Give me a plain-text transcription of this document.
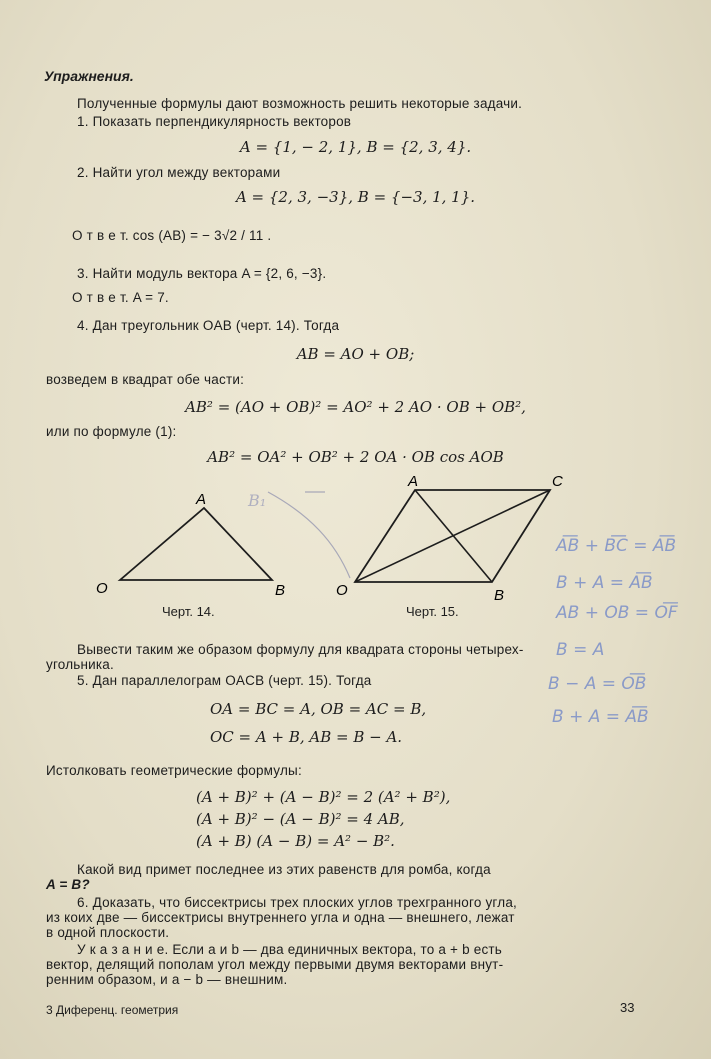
Упражнения.
Полученные формулы дают возможность решить некоторые задачи.
1. Показать перпендикулярность векторов
A = {1, − 2, 1}, B = {2, 3, 4}.
2. Найти угол между векторами
A = {2, 3, −3}, B = {−3, 1, 1}.
О т в е т. cos (AB) = − 3√2 / 11 .
3. Найти модуль вектора A = {2, 6, −3}.
О т в е т. A = 7.
4. Дан треугольник OAB (черт. 14). Тогда
AB = AO + OB;
возведем в квадрат обе части:
AB² = (AO + OB)² = AO² + 2 AO · OB + OB²,
или по формуле (1):
AB² = OA² + OB² + 2 OA · OB cos AOB
B₁
O
A
B	O
A	C
B
Черт. 14.	Черт. 15.
A͞B + B͞C = A͞B
B + A = A͞B
AB + OB = O͞F
B = A
B − A = O͞B
B + A = A͞B
Вывести таким же образом формулу для квадрата стороны четырех-
угольника.
5. Дан параллелограм OACB (черт. 15). Тогда
OA = BC = A, OB = AC = B,
OC = A + B, AB = B − A.
Истолковать геометрические формулы:
(A + B)² + (A − B)² = 2 (A² + B²),
(A + B)² − (A − B)² = 4 AB,
(A + B) (A − B) = A² − B².
Какой вид примет последнее из этих равенств для ромба, когда
A = B?
6. Доказать, что биссектрисы трех плоских углов трехгранного угла,
из коих две — биссектрисы внутреннего угла и одна — внешнего, лежат
в одной плоскости.
У к а з а н и е. Если a и b — два единичных вектора, то a + b есть
вектор, делящий пополам угол между первыми двумя векторами внут-
ренним образом, и a − b — внешним.
3 Диференц. геометрия	33
